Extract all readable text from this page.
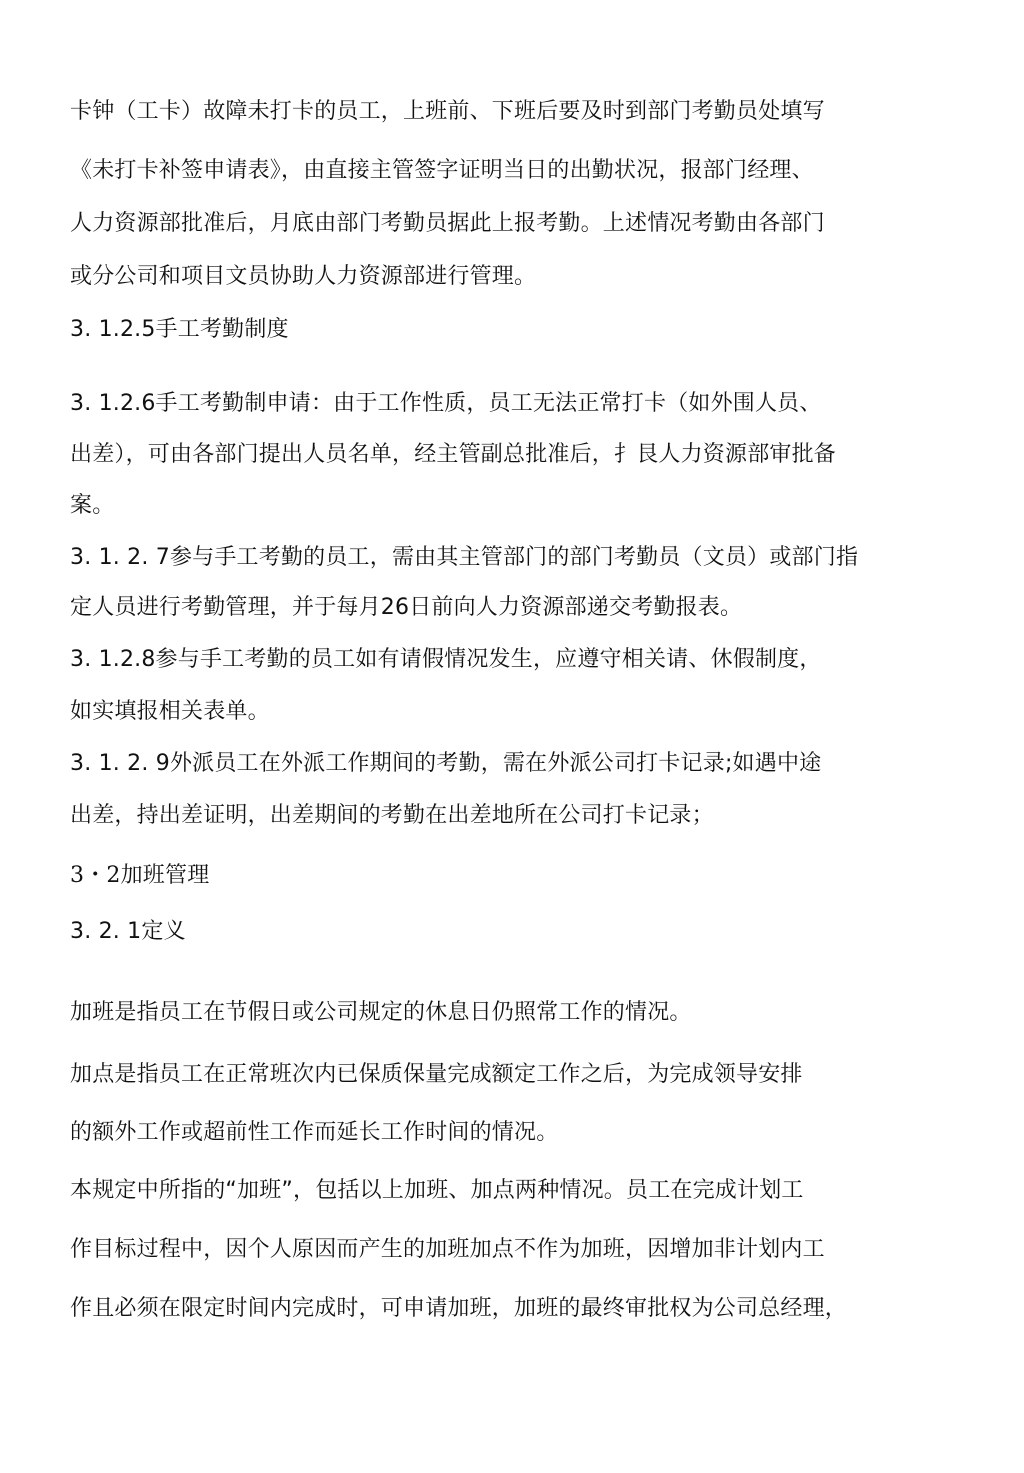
卡钟（工卡）故障未打卡的员工，上班前、下班后要及时到部门考勤员处填写
《未打卡补签申请表》，由直接主管签字证明当日的出勤状况，报部门经理、
人力资源部批准后，月底由部门考勤员据此上报考勤。上述情况考勤由各部门
或分公司和项目文员协助人力资源部进行管理。
3. 1.2.5手工考勤制度
3. 1.2.6手工考勤制申请：由于工作性质，员工无法正常打卡（如外围人员、
出差），可由各部门提出人员名单，经主管副总批准后，扌艮人力资源部审批备
案。
3. 1. 2. 7参与手工考勤的员工，需由其主管部门的部门考勤员（文员）或部门指
定人员进行考勤管理，并于每月26日前向人力资源部递交考勤报表。
3. 1.2.8参与手工考勤的员工如有请假情况发生，应遵守相关请、休假制度，
如实填报相关表单。
3. 1. 2. 9外派员工在外派工作期间的考勤，需在外派公司打卡记录;如遇中途
出差，持出差证明，出差期间的考勤在出差地所在公司打卡记录；
3・2加班管理
3. 2. 1定义
加班是指员工在节假日或公司规定的休息日仍照常工作的情况。
加点是指员工在正常班次内已保质保量完成额定工作之后，为完成领导安排
的额外工作或超前性工作而延长工作时间的情况。
本规定中所指的“加班”，包括以上加班、加点两种情况。员工在完成计划工
作目标过程中，因个人原因而产生的加班加点不作为加班，因增加非计划内工
作且必须在限定时间内完成时，可申请加班，加班的最终审批权为公司总经理，
